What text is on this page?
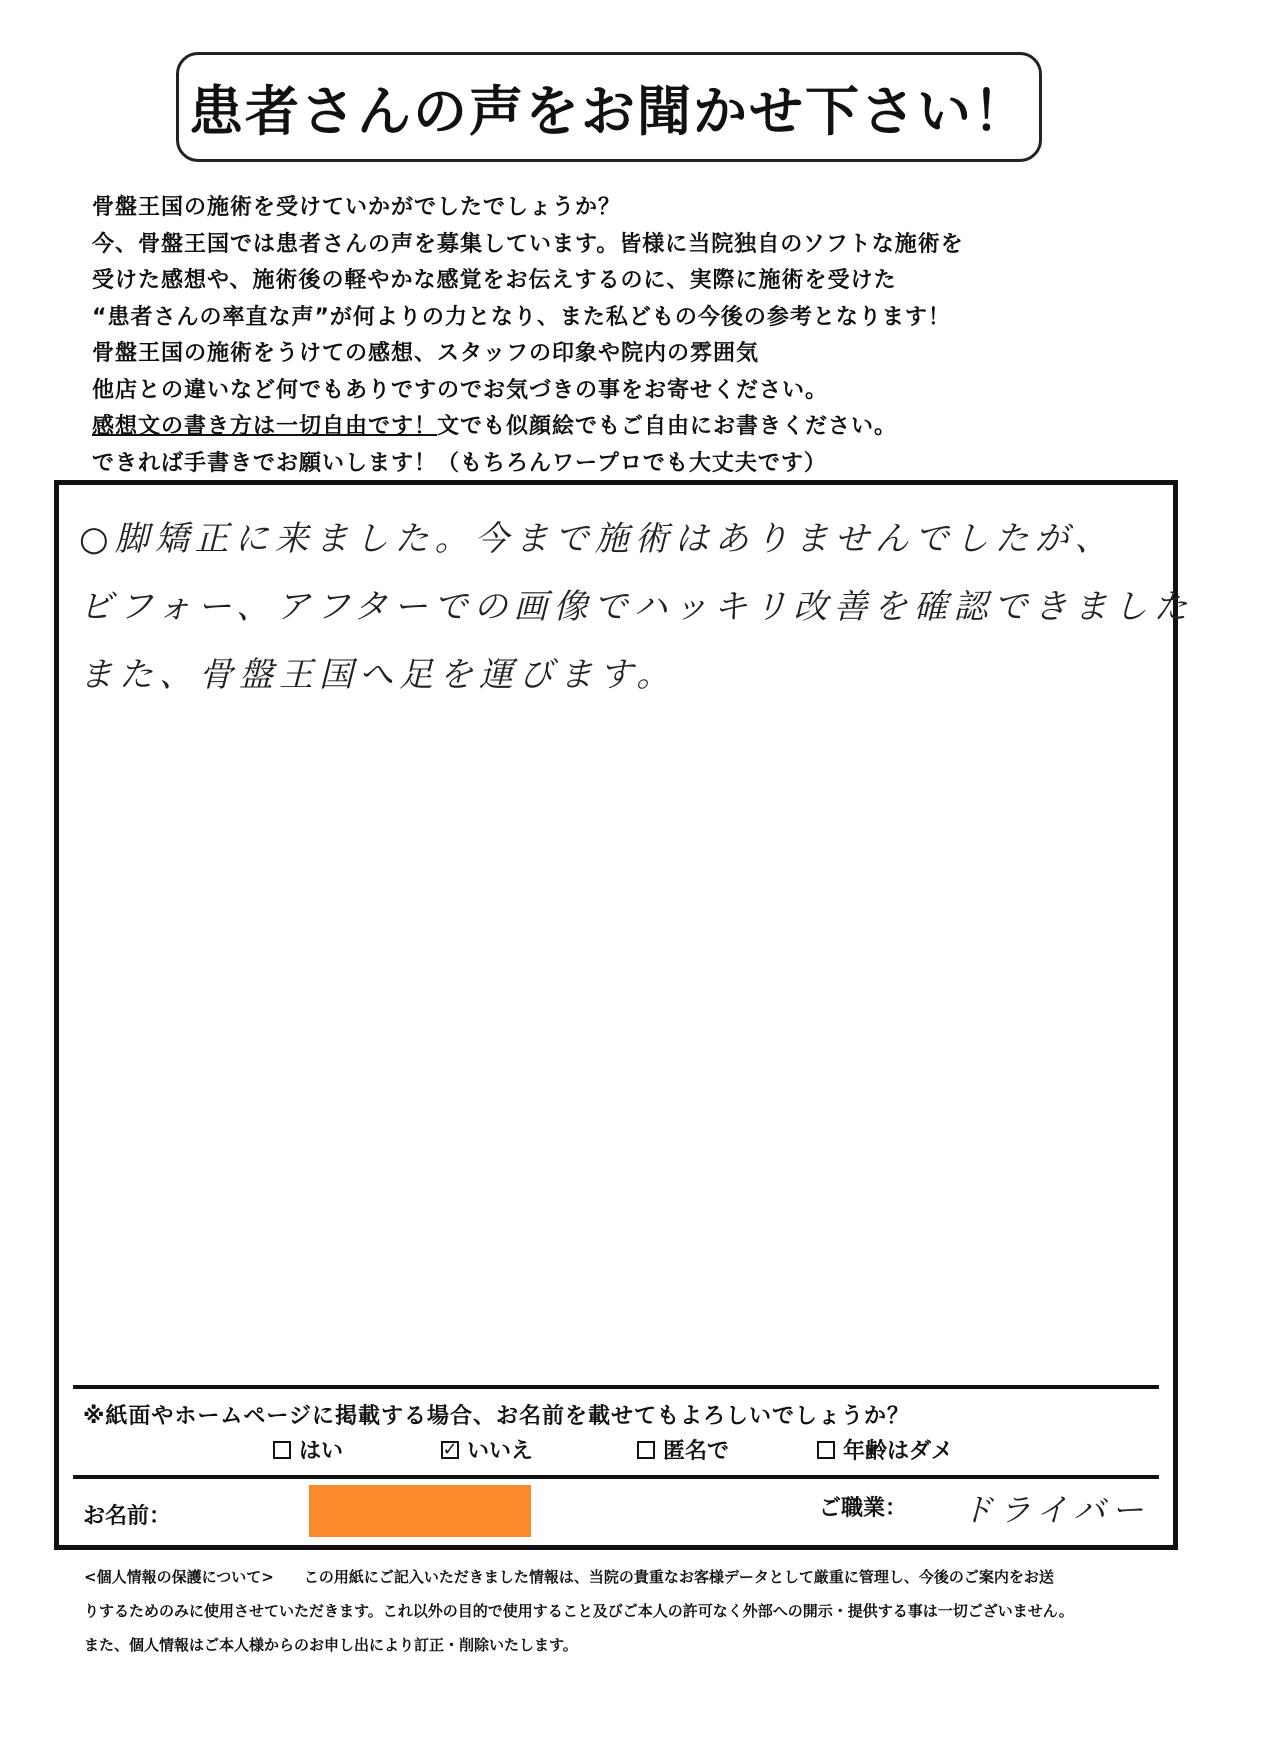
患者さんの声をお聞かせ下さい！
骨盤王国の施術を受けていかがでしたでしょうか？
今、骨盤王国では患者さんの声を募集しています。皆様に当院独自のソフトな施術を
受けた感想や、施術後の軽やかな感覚をお伝えするのに、実際に施術を受けた
“患者さんの率直な声”が何よりの力となり、また私どもの今後の参考となります！
骨盤王国の施術をうけての感想、スタッフの印象や院内の雰囲気
他店との違いなど何でもありですのでお気づきの事をお寄せください。
感想文の書き方は一切自由です！文でも似顔絵でもご自由にお書きください。
できれば手書きでお願いします！（もちろんワープロでも大丈夫です）
○脚矯正に来ました。今まで施術はありませんでしたが、
ビフォー、アフターでの画像でハッキリ改善を確認できました
また、骨盤王国へ足を運びます。
※紙面やホームページに掲載する場合、お名前を載せてもよろしいでしょうか？
はい	✓ いいえ	匿名で	年齢はダメ
お名前：	ご職業： ドライバー
<個人情報の保護について>　　この用紙にご記入いただきました情報は、当院の貴重なお客様データとして厳重に管理し、今後のご案内をお送
りするためのみに使用させていただきます。これ以外の目的で使用すること及びご本人の許可なく外部への開示・提供する事は一切ございません。
また、個人情報はご本人様からのお申し出により訂正・削除いたします。
